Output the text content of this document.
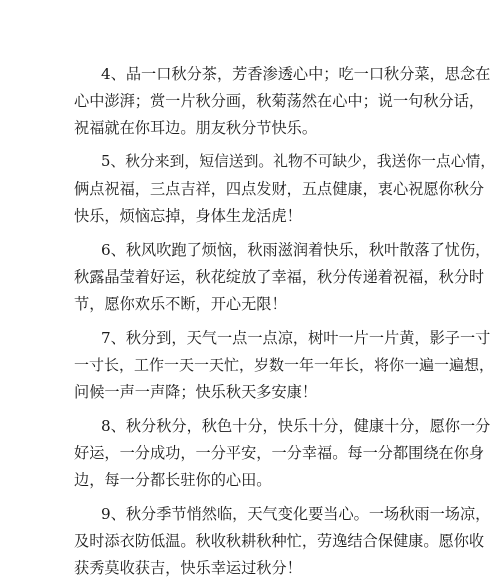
4、品一口秋分茶，芳香渗透心中；吃一口秋分菜，思念在
心中澎湃；赏一片秋分画，秋菊荡然在心中；说一句秋分话，
祝福就在你耳边。朋友秋分节快乐。
5、秋分来到，短信送到。礼物不可缺少，我送你一点心情，
俩点祝福，三点吉祥，四点发财，五点健康，衷心祝愿你秋分
快乐，烦恼忘掉，身体生龙活虎！
6、秋风吹跑了烦恼，秋雨滋润着快乐，秋叶散落了忧伤，
秋露晶莹着好运，秋花绽放了幸福，秋分传递着祝福，秋分时
节，愿你欢乐不断，开心无限！
7、秋分到，天气一点一点凉，树叶一片一片黄，影子一寸
一寸长，工作一天一天忙，岁数一年一年长，将你一遍一遍想，
问候一声一声降；快乐秋天多安康！
8、秋分秋分，秋色十分，快乐十分，健康十分，愿你一分
好运，一分成功，一分平安，一分幸福。每一分都围绕在你身
边，每一分都长驻你的心田。
9、秋分季节悄然临，天气变化要当心。一场秋雨一场凉，
及时添衣防低温。秋收秋耕秋种忙，劳逸结合保健康。愿你收
获秀莫收获吉，快乐幸运过秋分！
